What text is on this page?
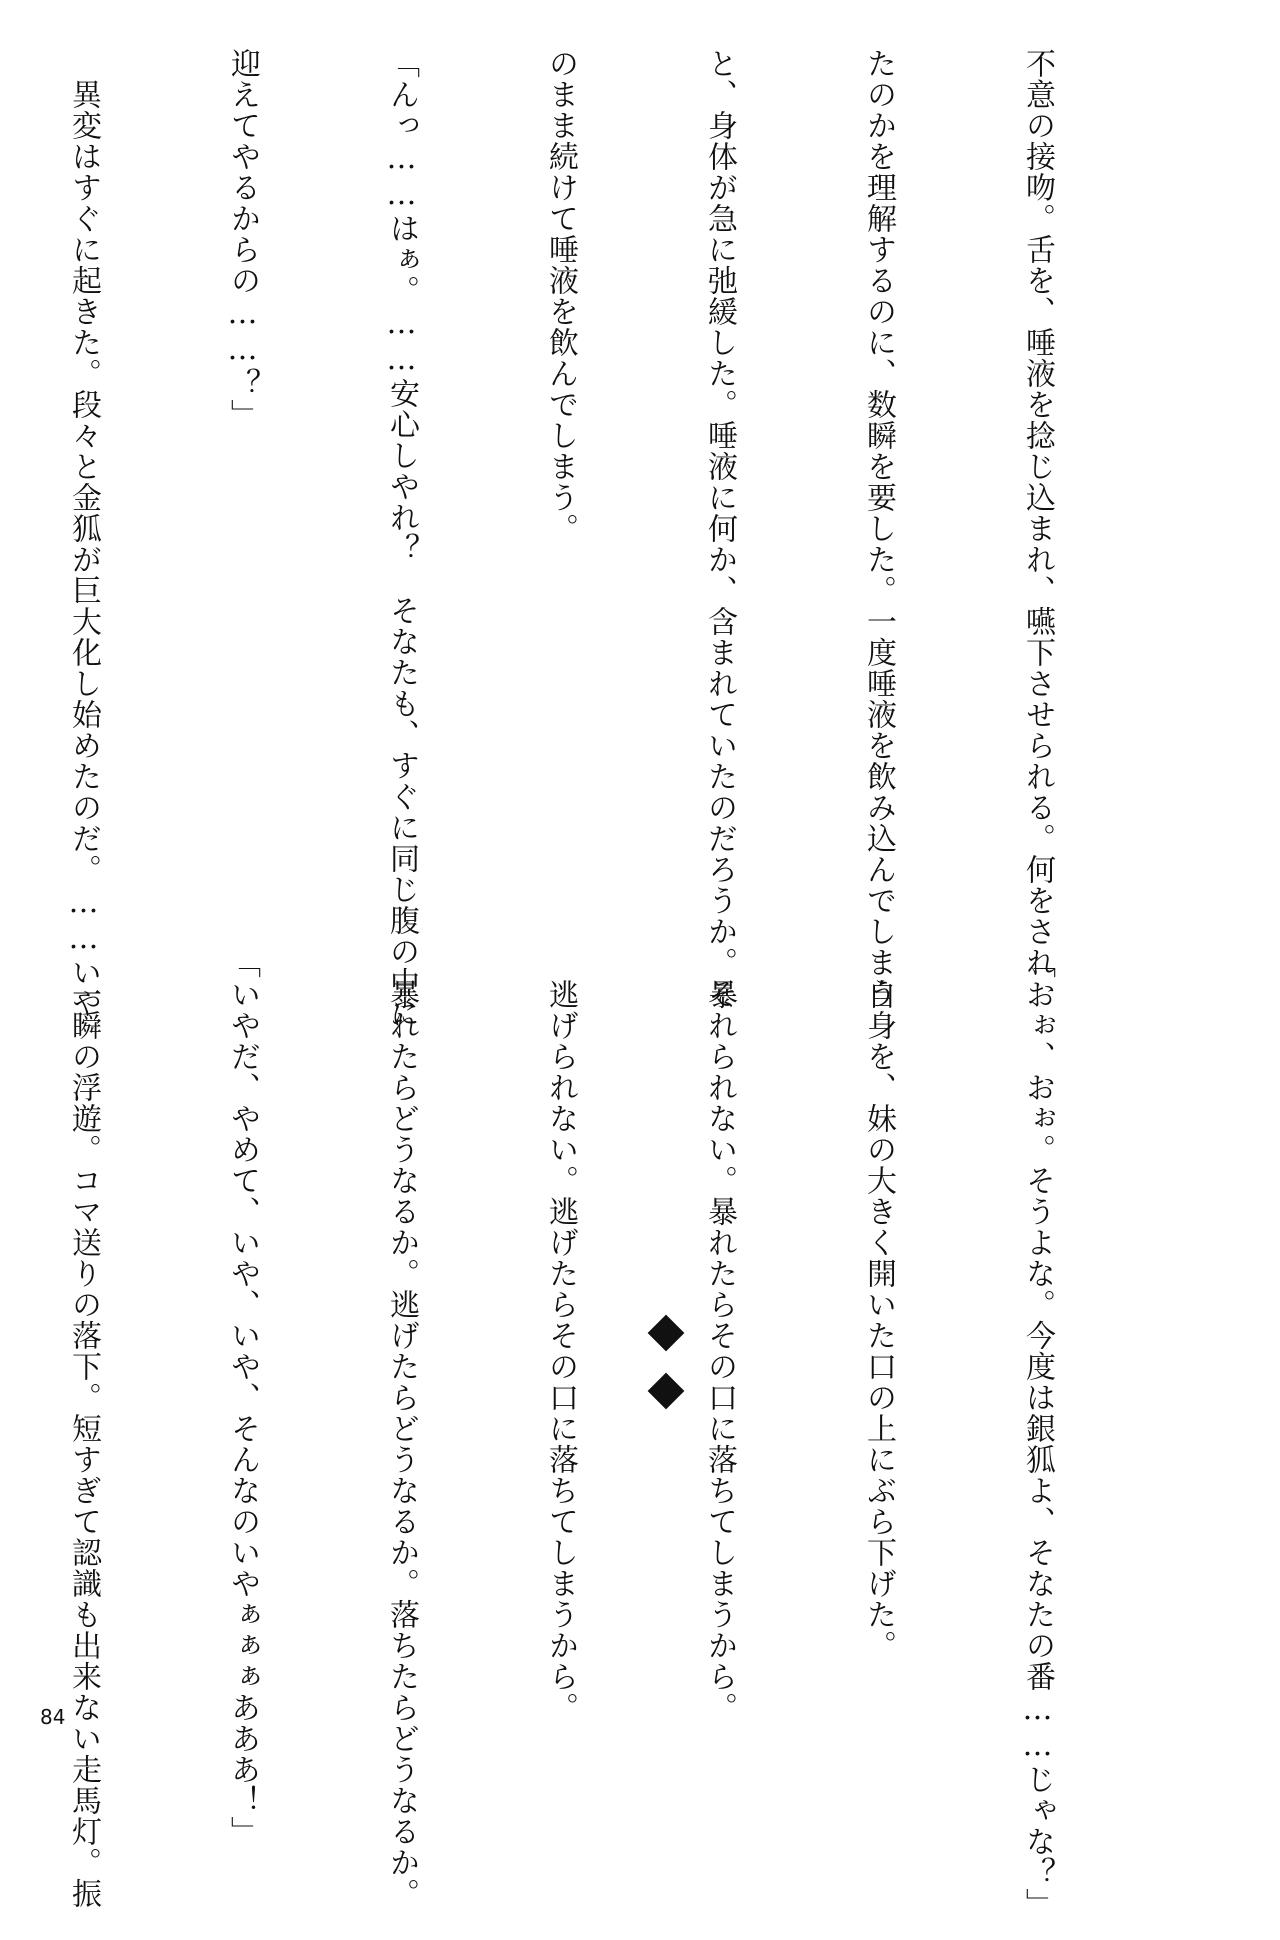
不意の接吻。舌を、唾液を捻じ込まれ、嚥下させられる。何をされ

たのかを理解するのに、数瞬を要した。一度唾液を飲み込んでしまう

と、身体が急に弛緩した。唾液に何か、含まれていたのだろうか。そ

のまま続けて唾液を飲んでしまう。

「んっ……はぁ。……安心しやれ？　そなたも、すぐに同じ腹の中に

迎えてやるからの……？」

　異変はすぐに起きた。段々と金狐が巨大化し始めたのだ。……いや

「おぉ、おぉ。そうよな。今度は銀狐よ、そなたの番……じゃな？」

　自身を、妹の大きく開いた口の上にぶら下げた。

　暴れられない。暴れたらその口に落ちてしまうから。

　逃げられない。逃げたらその口に落ちてしまうから。

　暴れたらどうなるか。逃げたらどうなるか。落ちたらどうなるか。

「いやだ、やめて、いや、いや、そんなのいやぁぁぁあああ！」

　一瞬の浮遊。コマ送りの落下。短すぎて認識も出来ない走馬灯。振

84
